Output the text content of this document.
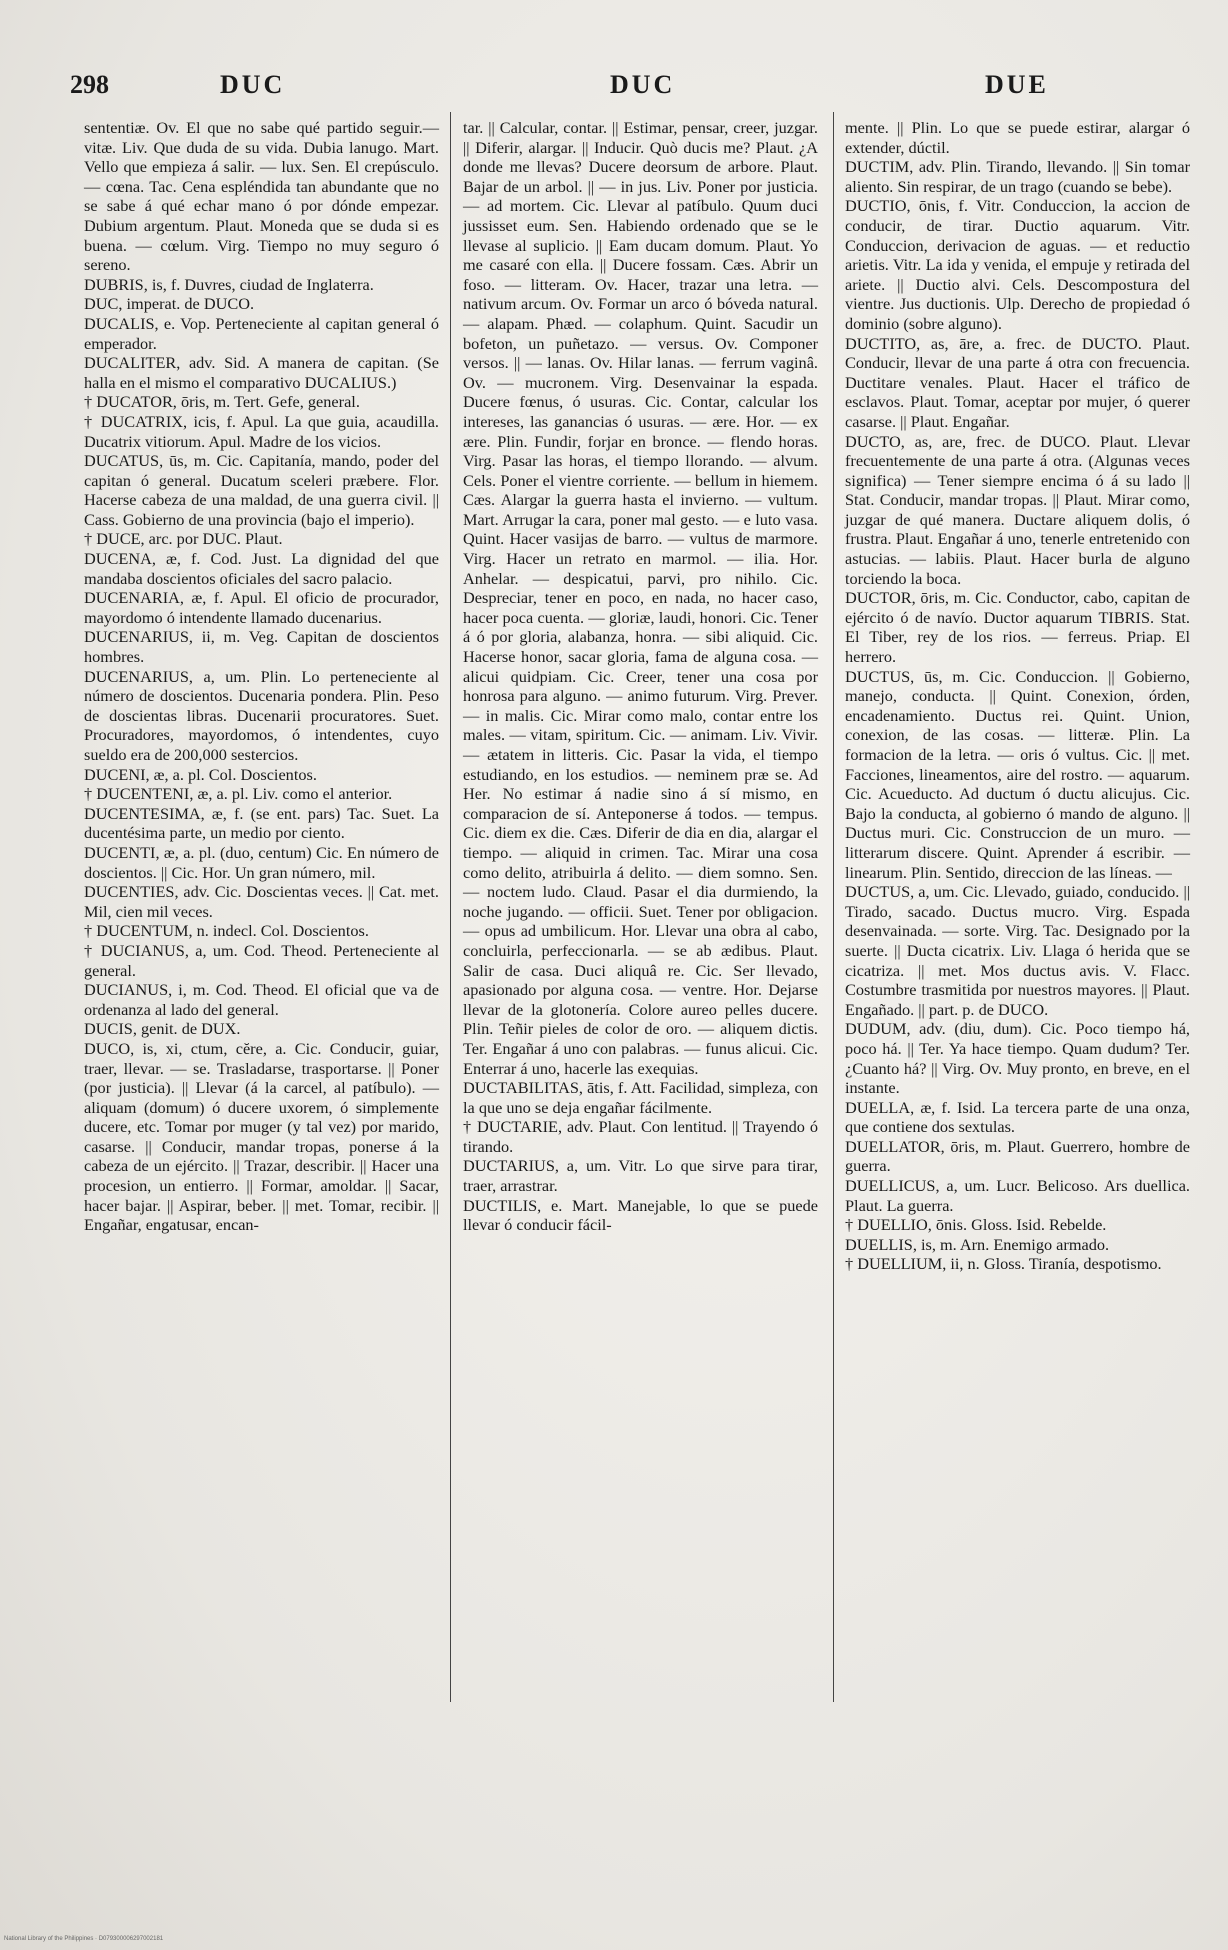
298	DUC	DUC	DUE

sententiæ. Ov. El que no sabe qué partido seguir.—vitæ. Liv. Que duda de su vida. Dubia lanugo. Mart. Vello que empieza á salir. — lux. Sen. El crepúsculo. — cœna. Tac. Cena espléndida tan abundante que no se sabe á qué echar mano ó por dónde empezar. Dubium argentum. Plaut. Moneda que se duda si es buena. — cœlum. Virg. Tiempo no muy seguro ó sereno.

DUBRIS, is, f. Duvres, ciudad de Inglaterra.

DUC, imperat. de DUCO.

DUCALIS, e. Vop. Perteneciente al capitan general ó emperador.

DUCALITER, adv. Sid. A manera de capitan. (Se halla en el mismo el comparativo DUCALIUS.)

† DUCATOR, ōris, m. Tert. Gefe, general.

† DUCATRIX, icis, f. Apul. La que guia, acaudilla. Ducatrix vitiorum. Apul. Madre de los vicios.

DUCATUS, ūs, m. Cic. Capitanía, mando, poder del capitan ó general. Ducatum sceleri præbere. Flor. Hacerse cabeza de una maldad, de una guerra civil. || Cass. Gobierno de una provincia (bajo el imperio).

† DUCE, arc. por DUC. Plaut.

DUCENA, æ, f. Cod. Just. La dignidad del que mandaba doscientos oficiales del sacro palacio.

DUCENARIA, æ, f. Apul. El oficio de procurador, mayordomo ó intendente llamado ducenarius.

DUCENARIUS, ii, m. Veg. Capitan de doscientos hombres.

DUCENARIUS, a, um. Plin. Lo perteneciente al número de doscientos. Ducenaria pondera. Plin. Peso de doscientas libras. Ducenarii procuratores. Suet. Procuradores, mayordomos, ó intendentes, cuyo sueldo era de 200,000 sestercios.

DUCENI, æ, a. pl. Col. Doscientos.

† DUCENTENI, æ, a. pl. Liv. como el anterior.

DUCENTESIMA, æ, f. (se ent. pars) Tac. Suet. La ducentésima parte, un medio por ciento.

DUCENTI, æ, a. pl. (duo, centum) Cic. En número de doscientos. || Cic. Hor. Un gran número, mil.

DUCENTIES, adv. Cic. Doscientas veces. || Cat. met. Mil, cien mil veces.

† DUCENTUM, n. indecl. Col. Doscientos.

† DUCIANUS, a, um. Cod. Theod. Perteneciente al general.

DUCIANUS, i, m. Cod. Theod. El oficial que va de ordenanza al lado del general.

DUCIS, genit. de DUX.

DUCO, is, xi, ctum, cĕre, a. Cic. Conducir, guiar, traer, llevar. — se. Trasladarse, trasportarse. || Poner (por justicia). || Llevar (á la carcel, al patíbulo). — aliquam (domum) ó ducere uxorem, ó simplemente ducere, etc. Tomar por muger (y tal vez) por marido, casarse. || Conducir, mandar tropas, ponerse á la cabeza de un ejército. || Trazar, describir. || Hacer una procesion, un entierro. || Formar, amoldar. || Sacar, hacer bajar. || Aspirar, beber. || met. Tomar, recibir. || Engañar, engatusar, encan-

tar. || Calcular, contar. || Estimar, pensar, creer, juzgar. || Diferir, alargar. || Inducir. Quò ducis me? Plaut. ¿A donde me llevas? Ducere deorsum de arbore. Plaut. Bajar de un arbol. || — in jus. Liv. Poner por justicia. — ad mortem. Cic. Llevar al patíbulo. Quum duci jussisset eum. Sen. Habiendo ordenado que se le llevase al suplicio. || Eam ducam domum. Plaut. Yo me casaré con ella. || Ducere fossam. Cæs. Abrir un foso. — litteram. Ov. Hacer, trazar una letra. — nativum arcum. Ov. Formar un arco ó bóveda natural. — alapam. Phæd. — colaphum. Quint. Sacudir un bofeton, un puñetazo. — versus. Ov. Componer versos. || — lanas. Ov. Hilar lanas. — ferrum vaginâ. Ov. — mucronem. Virg. Desenvainar la espada. Ducere fœnus, ó usuras. Cic. Contar, calcular los intereses, las ganancias ó usuras. — ære. Hor. — ex ære. Plin. Fundir, forjar en bronce. — flendo horas. Virg. Pasar las horas, el tiempo llorando. — alvum. Cels. Poner el vientre corriente. — bellum in hiemem. Cæs. Alargar la guerra hasta el invierno. — vultum. Mart. Arrugar la cara, poner mal gesto. — e luto vasa. Quint. Hacer vasijas de barro. — vultus de marmore. Virg. Hacer un retrato en marmol. — ilia. Hor. Anhelar. — despicatui, parvi, pro nihilo. Cic. Despreciar, tener en poco, en nada, no hacer caso, hacer poca cuenta. — gloriæ, laudi, honori. Cic. Tener á ó por gloria, alabanza, honra. — sibi aliquid. Cic. Hacerse honor, sacar gloria, fama de alguna cosa. — alicui quidpiam. Cic. Creer, tener una cosa por honrosa para alguno. — animo futurum. Virg. Prever. — in malis. Cic. Mirar como malo, contar entre los males. — vitam, spiritum. Cic. — animam. Liv. Vivir. — ætatem in litteris. Cic. Pasar la vida, el tiempo estudiando, en los estudios. — neminem præ se. Ad Her. No estimar á nadie sino á sí mismo, en comparacion de sí. Anteponerse á todos. — tempus. Cic. diem ex die. Cæs. Diferir de dia en dia, alargar el tiempo. — aliquid in crimen. Tac. Mirar una cosa como delito, atribuirla á delito. — diem somno. Sen. — noctem ludo. Claud. Pasar el dia durmiendo, la noche jugando. — officii. Suet. Tener por obligacion. — opus ad umbilicum. Hor. Llevar una obra al cabo, concluirla, perfeccionarla. — se ab ædibus. Plaut. Salir de casa. Duci aliquâ re. Cic. Ser llevado, apasionado por alguna cosa. — ventre. Hor. Dejarse llevar de la glotonería. Colore aureo pelles ducere. Plin. Teñir pieles de color de oro. — aliquem dictis. Ter. Engañar á uno con palabras. — funus alicui. Cic. Enterrar á uno, hacerle las exequias.

DUCTABILITAS, ātis, f. Att. Facilidad, simpleza, con la que uno se deja engañar fácilmente.

† DUCTARIE, adv. Plaut. Con lentitud. || Trayendo ó tirando.

DUCTARIUS, a, um. Vitr. Lo que sirve para tirar, traer, arrastrar.

DUCTILIS, e. Mart. Manejable, lo que se puede llevar ó conducir fácil-

mente. || Plin. Lo que se puede estirar, alargar ó extender, dúctil.

DUCTIM, adv. Plin. Tirando, llevando. || Sin tomar aliento. Sin respirar, de un trago (cuando se bebe).

DUCTIO, ōnis, f. Vitr. Conduccion, la accion de conducir, de tirar. Ductio aquarum. Vitr. Conduccion, derivacion de aguas. — et reductio arietis. Vitr. La ida y venida, el empuje y retirada del ariete. || Ductio alvi. Cels. Descompostura del vientre. Jus ductionis. Ulp. Derecho de propiedad ó dominio (sobre alguno).

DUCTITO, as, āre, a. frec. de DUCTO. Plaut. Conducir, llevar de una parte á otra con frecuencia. Ductitare venales. Plaut. Hacer el tráfico de esclavos. Plaut. Tomar, aceptar por mujer, ó querer casarse. || Plaut. Engañar.

DUCTO, as, are, frec. de DUCO. Plaut. Llevar frecuentemente de una parte á otra. (Algunas veces significa) — Tener siempre encima ó á su lado || Stat. Conducir, mandar tropas. || Plaut. Mirar como, juzgar de qué manera. Ductare aliquem dolis, ó frustra. Plaut. Engañar á uno, tenerle entretenido con astucias. — labiis. Plaut. Hacer burla de alguno torciendo la boca.

DUCTOR, ōris, m. Cic. Conductor, cabo, capitan de ejército ó de navío. Ductor aquarum TIBRIS. Stat. El Tiber, rey de los rios. — ferreus. Priap. El herrero.

DUCTUS, ūs, m. Cic. Conduccion. || Gobierno, manejo, conducta. || Quint. Conexion, órden, encadenamiento. Ductus rei. Quint. Union, conexion, de las cosas. — litteræ. Plin. La formacion de la letra. — oris ó vultus. Cic. || met. Facciones, lineamentos, aire del rostro. — aquarum. Cic. Acueducto. Ad ductum ó ductu alicujus. Cic. Bajo la conducta, al gobierno ó mando de alguno. || Ductus muri. Cic. Construccion de un muro. — litterarum discere. Quint. Aprender á escribir. — linearum. Plin. Sentido, direccion de las líneas. —

DUCTUS, a, um. Cic. Llevado, guiado, conducido. || Tirado, sacado. Ductus mucro. Virg. Espada desenvainada. — sorte. Virg. Tac. Designado por la suerte. || Ducta cicatrix. Liv. Llaga ó herida que se cicatriza. || met. Mos ductus avis. V. Flacc. Costumbre trasmitida por nuestros mayores. || Plaut. Engañado. || part. p. de DUCO.

DUDUM, adv. (diu, dum). Cic. Poco tiempo há, poco há. || Ter. Ya hace tiempo. Quam dudum? Ter. ¿Cuanto há? || Virg. Ov. Muy pronto, en breve, en el instante.

DUELLA, æ, f. Isid. La tercera parte de una onza, que contiene dos sextulas.

DUELLATOR, ōris, m. Plaut. Guerrero, hombre de guerra.

DUELLICUS, a, um. Lucr. Belicoso. Ars duellica. Plaut. La guerra.

† DUELLIO, ōnis. Gloss. Isid. Rebelde.

DUELLIS, is, m. Arn. Enemigo armado.

† DUELLIUM, ii, n. Gloss. Tiranía, despotismo.

National Library of the Philippines · D079300006297002181
